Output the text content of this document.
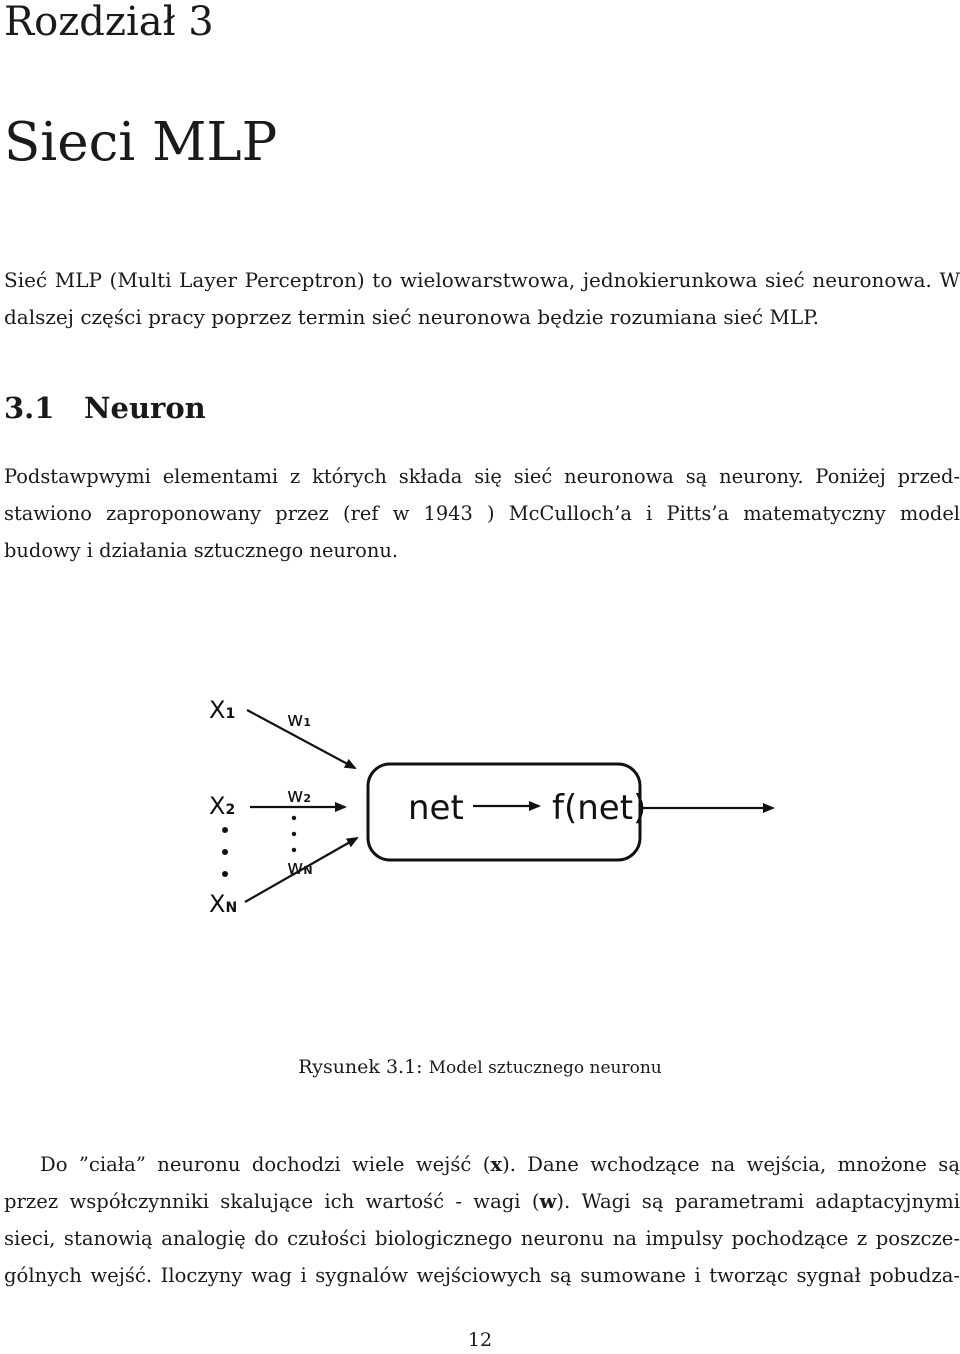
Rozdział 3
Sieci MLP
Sieć MLP (Multi Layer Perceptron) to wielowarstwowa, jednokierunkowa sieć neuronowa. W
dalszej części pracy poprzez termin sieć neuronowa będzie rozumiana sieć MLP.
3.1 Neuron
Podstawpwymi elementami z których składa się sieć neuronowa są neurony. Poniżej przed-
stawiono zaproponowany przez (ref w 1943 ) McCulloch’a i Pitts’a matematyczny model
budowy i działania sztucznego neuronu.
X1
X2
XN
w1
w2
wN
net	f(net)
Rysunek 3.1: Model sztucznego neuronu
Do ”ciała” neuronu dochodzi wiele wejść (x). Dane wchodzące na wejścia, mnożone są
przez współczynniki skalujące ich wartość - wagi (w). Wagi są parametrami adaptacyjnymi
sieci, stanowią analogię do czułości biologicznego neuronu na impulsy pochodzące z poszcze-
gólnych wejść. Iloczyny wag i sygnalów wejściowych są sumowane i tworząc sygnał pobudza-
12
